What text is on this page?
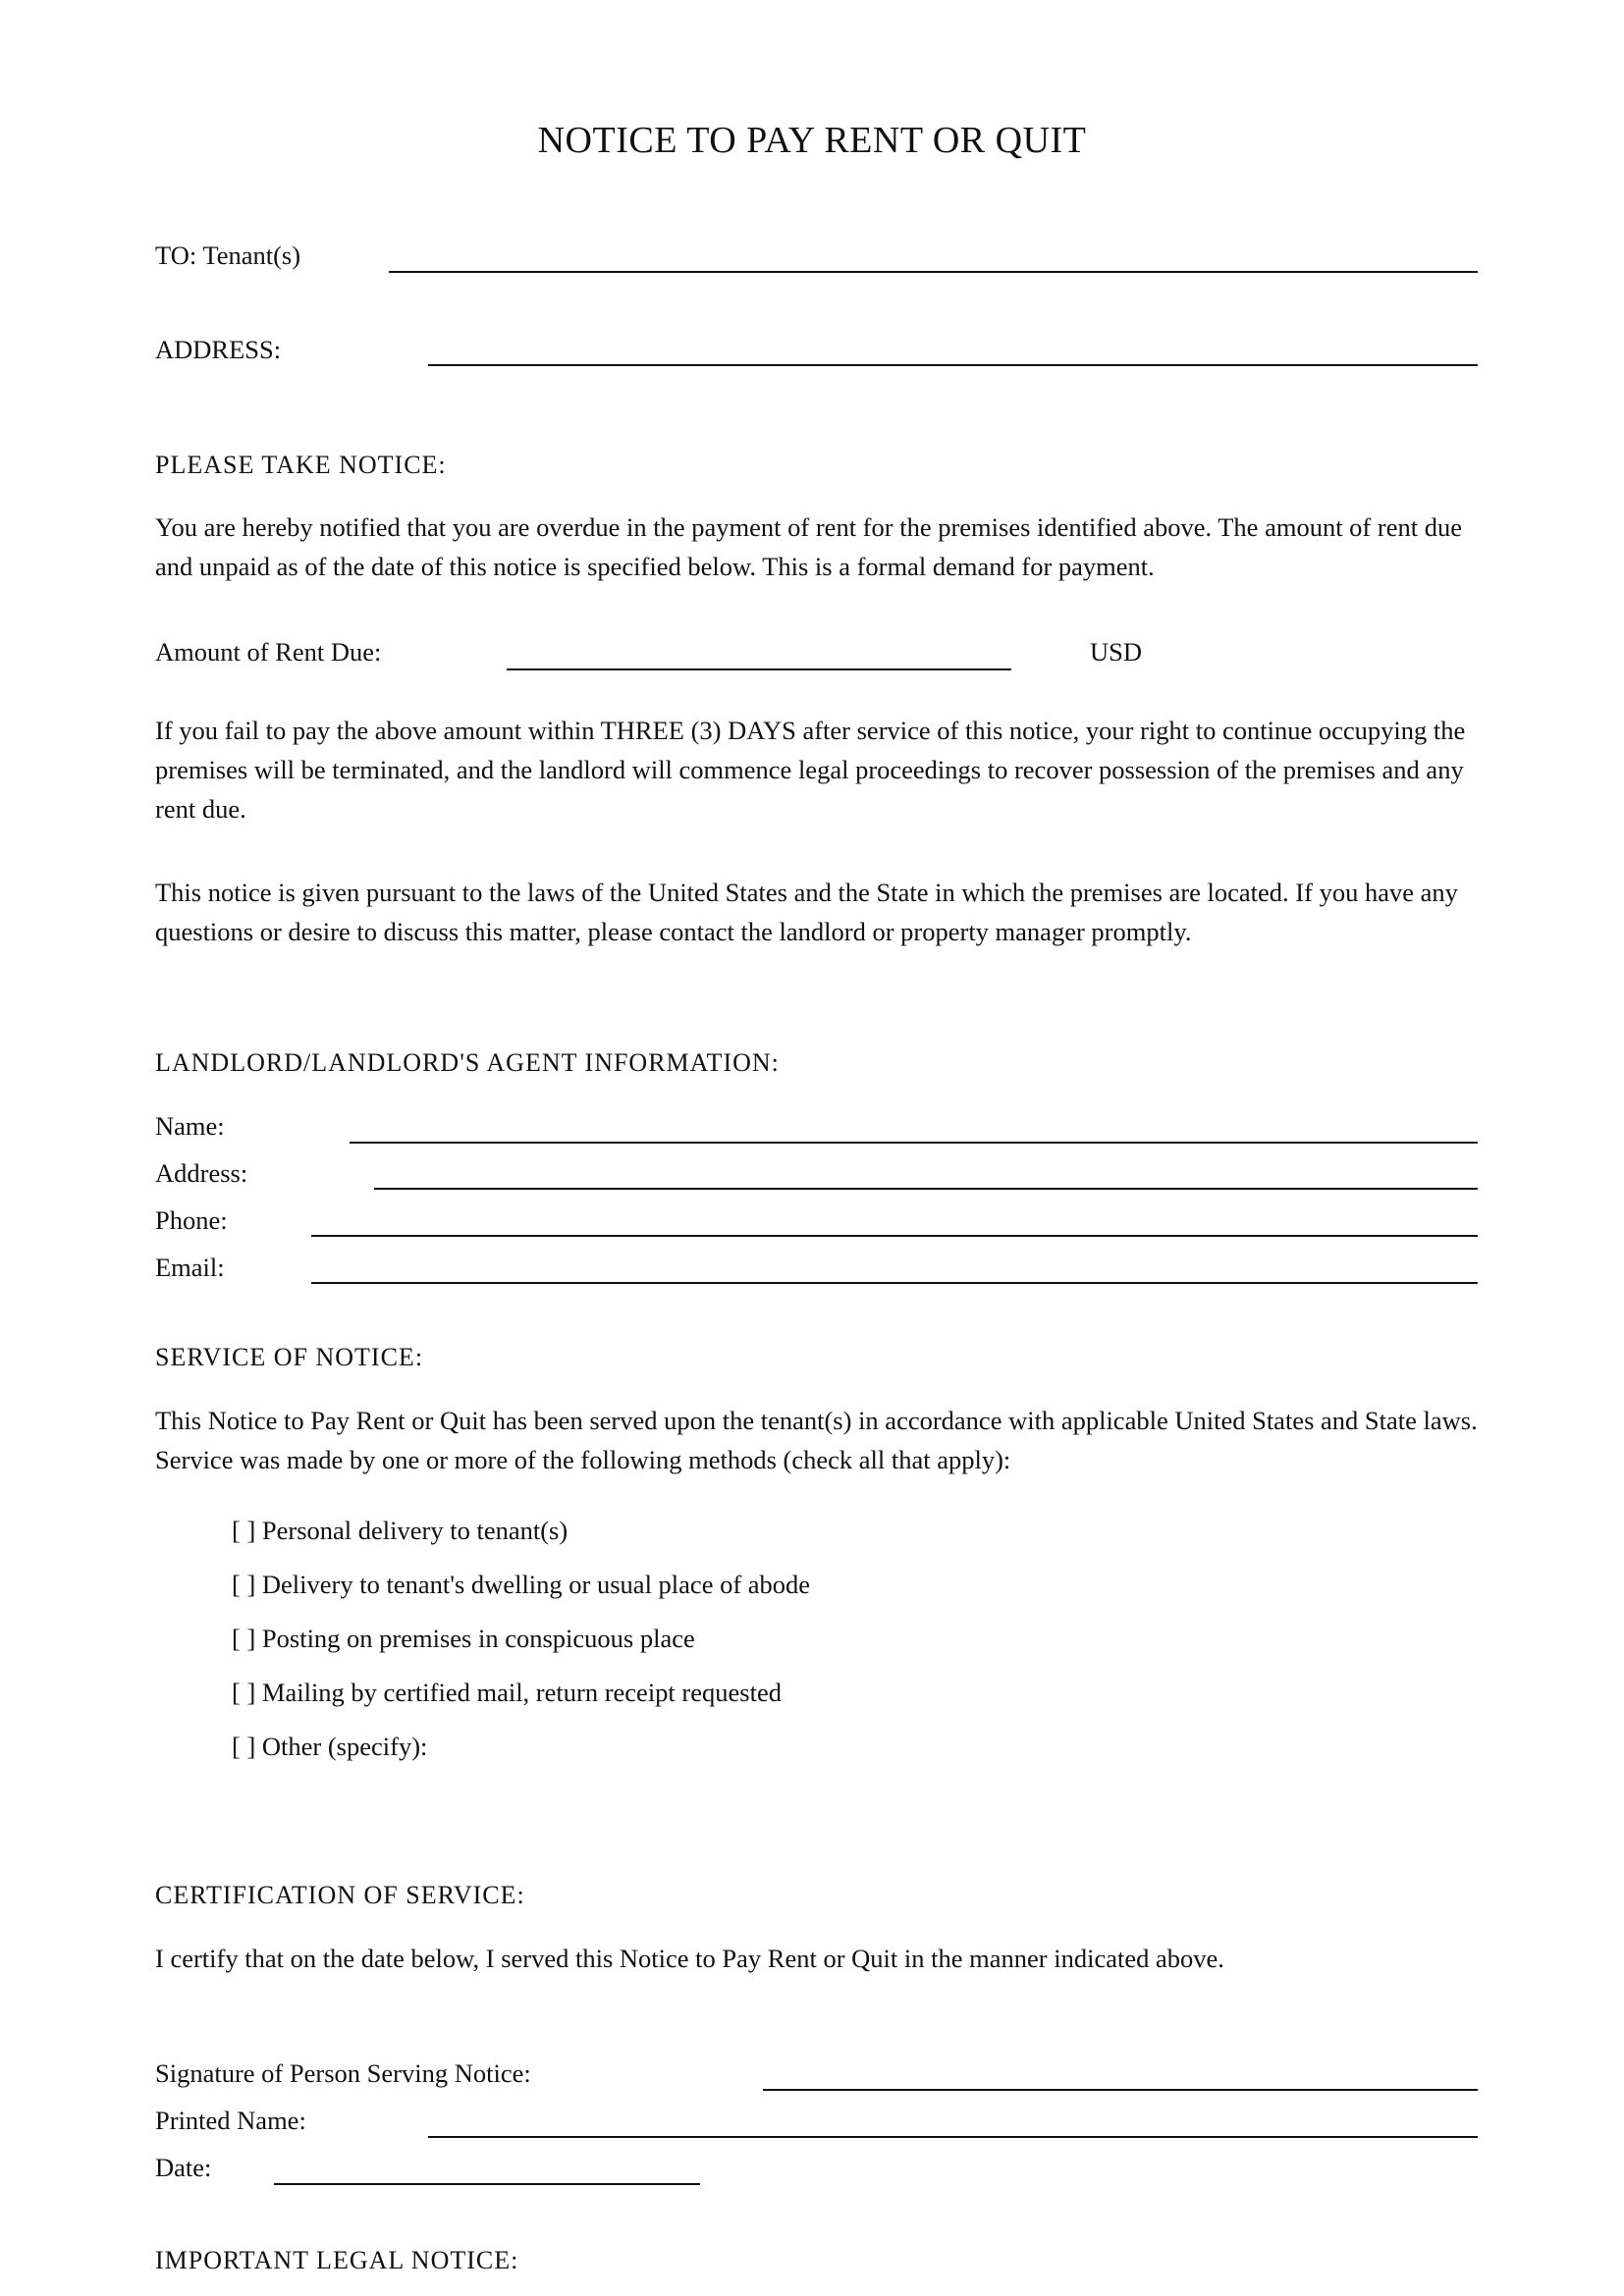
NOTICE TO PAY RENT OR QUIT
TO: Tenant(s)
ADDRESS:
PLEASE TAKE NOTICE:
You are hereby notified that you are overdue in the payment of rent for the premises identified above. The amount of rent due and unpaid as of the date of this notice is specified below. This is a formal demand for payment.
Amount of Rent Due:	USD
If you fail to pay the above amount within THREE (3) DAYS after service of this notice, your right to continue occupying the premises will be terminated, and the landlord will commence legal proceedings to recover possession of the premises and any rent due.
This notice is given pursuant to the laws of the United States and the State in which the premises are located. If you have any questions or desire to discuss this matter, please contact the landlord or property manager promptly.
LANDLORD/LANDLORD'S AGENT INFORMATION:
Name:
Address:
Phone:
Email:
SERVICE OF NOTICE:
This Notice to Pay Rent or Quit has been served upon the tenant(s) in accordance with applicable United States and State laws. Service was made by one or more of the following methods (check all that apply):
[ ] Personal delivery to tenant(s)
[ ] Delivery to tenant's dwelling or usual place of abode
[ ] Posting on premises in conspicuous place
[ ] Mailing by certified mail, return receipt requested
[ ] Other (specify):
CERTIFICATION OF SERVICE:
I certify that on the date below, I served this Notice to Pay Rent or Quit in the manner indicated above.
Signature of Person Serving Notice:
Printed Name:
Date:
IMPORTANT LEGAL NOTICE:
